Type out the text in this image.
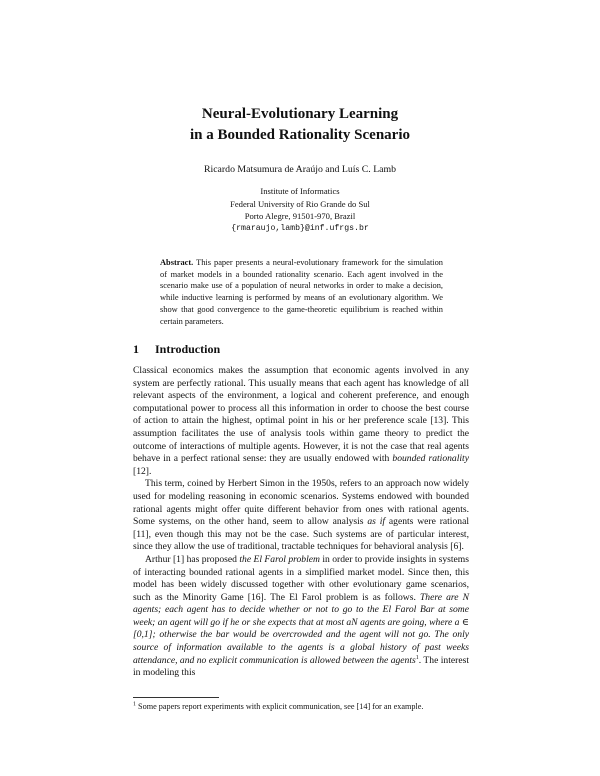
Neural-Evolutionary Learning
in a Bounded Rationality Scenario
Ricardo Matsumura de Araújo and Luís C. Lamb
Institute of Informatics
Federal University of Rio Grande do Sul
Porto Alegre, 91501-970, Brazil
{rmaraujo,lamb}@inf.ufrgs.br
Abstract. This paper presents a neural-evolutionary framework for the simulation of market models in a bounded rationality scenario. Each agent involved in the scenario make use of a population of neural networks in order to make a decision, while inductive learning is performed by means of an evolutionary algorithm. We show that good convergence to the game-theoretic equilibrium is reached within certain parameters.
1 Introduction

Classical economics makes the assumption that economic agents involved in any system are perfectly rational. This usually means that each agent has knowledge of all relevant aspects of the environment, a logical and coherent preference, and enough computational power to process all this information in order to choose the best course of action to attain the highest, optimal point in his or her preference scale [13]. This assumption facilitates the use of analysis tools within game theory to predict the outcome of interactions of multiple agents. However, it is not the case that real agents behave in a perfect rational sense: they are usually endowed with bounded rationality [12].

This term, coined by Herbert Simon in the 1950s, refers to an approach now widely used for modeling reasoning in economic scenarios. Systems endowed with bounded rational agents might offer quite different behavior from ones with rational agents. Some systems, on the other hand, seem to allow analysis as if agents were rational [11], even though this may not be the case. Such systems are of particular interest, since they allow the use of traditional, tractable techniques for behavioral analysis [6].

Arthur [1] has proposed the El Farol problem in order to provide insights in systems of interacting bounded rational agents in a simplified market model. Since then, this model has been widely discussed together with other evolutionary game scenarios, such as the Minority Game [16]. The El Farol problem is as follows. There are N agents; each agent has to decide whether or not to go to the El Farol Bar at some week; an agent will go if he or she expects that at most aN agents are going, where a ∈ [0,1]; otherwise the bar would be overcrowded and the agent will not go. The only source of information available to the agents is a global history of past weeks attendance, and no explicit communication is allowed between the agents$^1$. The interest in modeling this

$^1$ Some papers report experiments with explicit communication, see [14] for an example.
